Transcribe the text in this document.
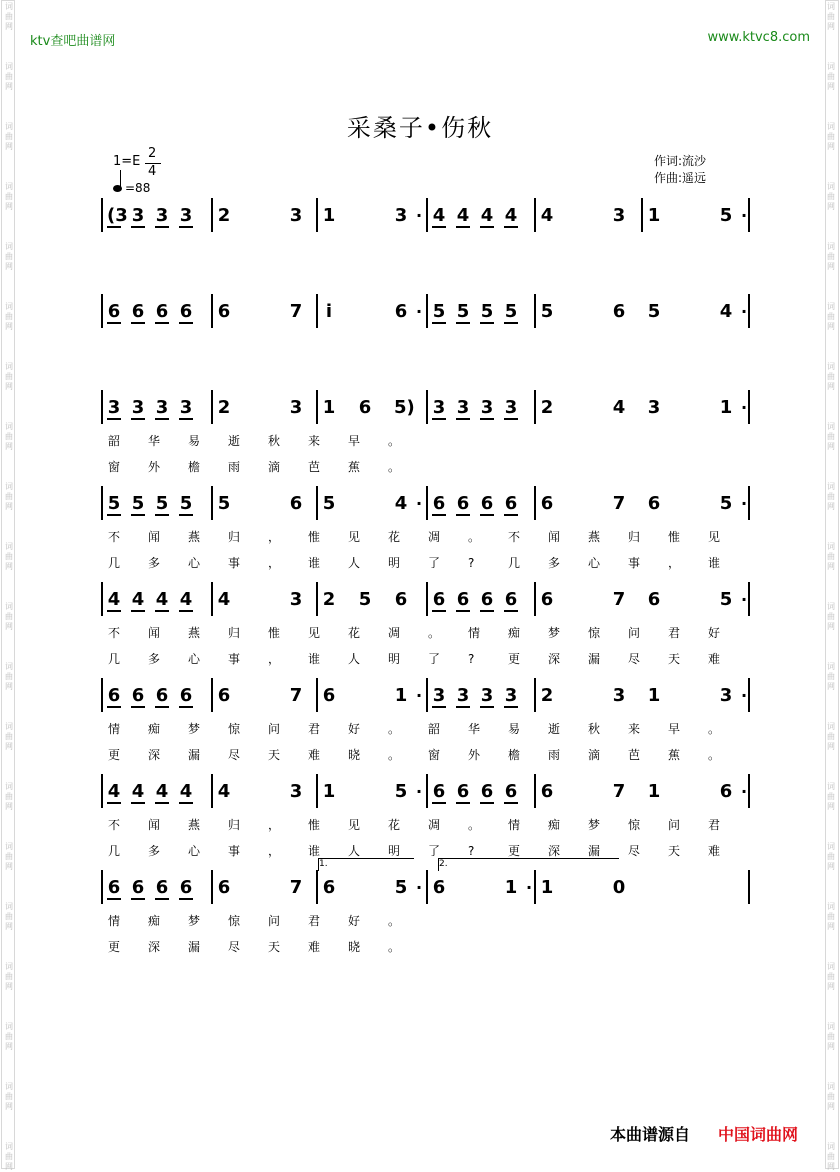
词
曲
网
词
曲
网
词
曲
网
词
曲
网
词
曲
网
词
曲
网
词
曲
网
词
曲
网
词
曲
网
词
曲
网
词
曲
网
词
曲
网
词
曲
网
词
曲
网
词
曲
网
词
曲
网
词
曲
网
词
曲
网
词
曲
网
词
曲
网
词
曲
网
词
曲
网
词
曲
网
词
曲
网
词
曲
网
词
曲
网
词
曲
网
词
曲
网
词
曲
网
词
曲
网
词
曲
网
词
曲
网
词
曲
网
词
曲
网
词
曲
网
词
曲
网
词
曲
网
词
曲
网
词
曲
网
词
曲
网
ktv查吧曲谱网	www.ktvc8.com
采桑子•伤秋
1=E
2
4
=88
作词:流沙
作曲:遥远
(3 3 3 3 2	3 1	3 · 4 4 4 4 4	3 1	5 ·
6 6 6 6 6	7 i	6 · 5 5 5 5 5	6 5	4 ·
3 3 3 3 2	3 1 6 5) 3 3 3 3 2	4 3	1 ·
韶 华 易 逝 秋 来 早 。
窗 外 檐 雨 滴 芭 蕉 。
5 5 5 5 5	6 5	4 · 6 6 6 6 6	7 6	5 ·
不 闻 燕 归 ， 惟 见 花 凋 。 不 闻 燕 归 惟 见
几 多 心 事 ， 谁 人 明 了 ?	几 多 心 事 ， 谁
4 4 4 4 4	3 2 5 6 6 6 6 6 6	7 6	5 ·
不 闻 燕 归 惟 见 花 凋 。 情 痴 梦 惊 问 君 好
几 多 心 事 ， 谁 人 明 了 ?	更 深 漏 尽 天 难
6 6 6 6 6	7 6	1 · 3 3 3 3 2	3 1	3 ·
情 痴 梦 惊 问 君 好 。 韶 华 易 逝 秋 来 早 。
更 深 漏 尽 天 难 晓 。 窗 外 檐 雨 滴 芭 蕉 。
4 4 4 4 4	3 1	5 · 6 6 6 6 6	7 1	6 ·
不 闻 燕 归 ， 惟 见 花 凋 。 情 痴 梦 惊 问 君
几 多 心 事 ， 谁 人 明 了 ?	更 深 漏 尽 天 难
6 6 6 6 6	7 6	5 · 6	1 · 1	0
情 痴 梦 惊 问 君 好 。
更 深 漏 尽 天 难 晓 。
1.	2.
本曲谱源自 中国词曲网
